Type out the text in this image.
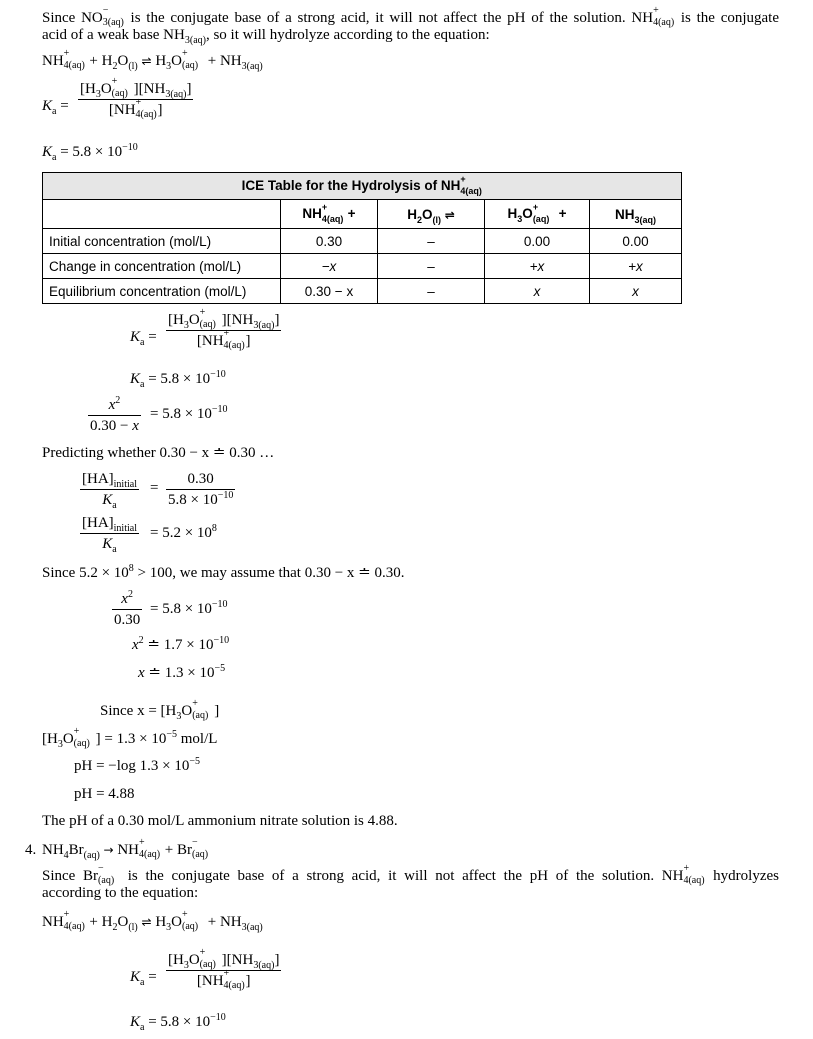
Since NO −
3(aq) is the conjugate base of a strong acid, it will not affect the pH of the solution. NH +
4(aq) is the conjugate
acid of a weak base $NH_{3(aq)}$, so it will hydrolyze according to the equation:
NH +
$4(aq) + H_2O_{(l)}$ ⇌ $H_3O$ +
$(aq) + NH_{3(aq)}$
$K_a = [H_3O$ +
(aq) ]$[NH_{3(aq)}]$
[NH +
4(aq) ]
$K_a = 5.8 \times 10^{-10}$
ICE Table for the Hydrolysis of NH +
4(aq)				

	NH +
4(aq) +	$H_2O_{(l)}$ ⇌	$H_3O$ +
(aq) +	$NH_{3(aq)}$
Initial concentration (mol/L)	0.30	–	0.00	0.00
Change in concentration (mol/L)	−x	–	+x	+x
Equilibrium concentration (mol/L)	0.30 − x	–	x	x
$K_a = [H_3O$ +
(aq) ]$[NH_{3(aq)}]$
[NH +
4(aq) ]
$K_a = 5.8 \times 10^{-10}$
$\frac{x^2}{0.30 - x} = 5.8 \times 10^{-10}$
Predicting whether 0.30 − x ≐ 0.30 …
$[HA]_{initial}$
$K_a$
= $\frac{0.30}{5.8 \times 10^{-10}}$
$[HA]_{initial}$
$K_a$
= $5.2 \times 10^8$
Since $5.2 \times 10^8 > 100$, we may assume that 0.30 − x ≐ 0.30.
$\frac{x^2}{0.30} = 5.8 \times 10^{-10}$
$x^2$ ≐ $1.7 \times 10^{-10}$
x ≐ $1.3 \times 10^{-5}$
Since $x = [H_3O$ +
(aq) ]
[$H_3O$ +
(aq) ] = $1.3 \times 10^{-5}$ mol/L
pH = −log $1.3 \times 10^{-5}$
pH = 4.88
The pH of a 0.30 mol/L ammonium nitrate solution is 4.88.
4. $NH_4Br_{(aq)}$ → NH +
4(aq) + Br −
(aq)
Since Br −
(aq) is the conjugate base of a strong acid, it will not affect the pH of the solution. NH +
4(aq) hydrolyzes
according to the equation:
NH +
$4(aq) + H_2O_{(l)}$ ⇌ $H_3O$ +
$(aq) + NH_{3(aq)}$
$K_a = [H_3O$ +
(aq) ]$[NH_{3(aq)}]$
[NH +
4(aq) ]
$K_a = 5.8 \times 10^{-10}$
